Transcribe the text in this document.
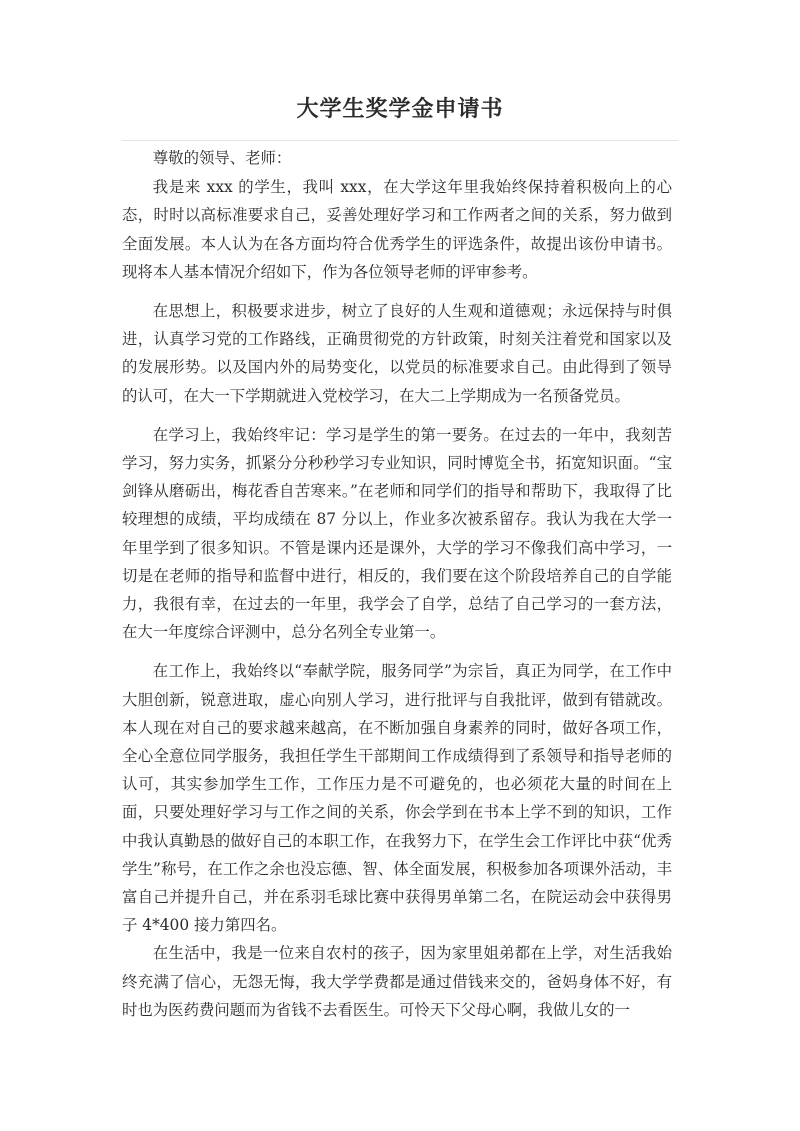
大学生奖学金申请书

尊敬的领导、老师：

我是来 xxx 的学生，我叫 xxx，在大学这年里我始终保持着积极向上的心态，时时以高标准要求自己，妥善处理好学习和工作两者之间的关系，努力做到全面发展。本人认为在各方面均符合优秀学生的评选条件，故提出该份申请书。现将本人基本情况介绍如下，作为各位领导老师的评审参考。

在思想上，积极要求进步，树立了良好的人生观和道德观；永远保持与时俱进，认真学习党的工作路线，正确贯彻党的方针政策，时刻关注着党和国家以及的发展形势。以及国内外的局势变化，以党员的标准要求自己。由此得到了领导的认可，在大一下学期就进入党校学习，在大二上学期成为一名预备党员。

在学习上，我始终牢记：学习是学生的第一要务。在过去的一年中，我刻苦学习，努力实务，抓紧分分秒秒学习专业知识，同时博览全书，拓宽知识面。“宝剑锋从磨砺出，梅花香自苦寒来。”在老师和同学们的指导和帮助下，我取得了比较理想的成绩，平均成绩在 87 分以上，作业多次被系留存。我认为我在大学一年里学到了很多知识。不管是课内还是课外，大学的学习不像我们高中学习，一切是在老师的指导和监督中进行，相反的，我们要在这个阶段培养自己的自学能力，我很有幸，在过去的一年里，我学会了自学，总结了自己学习的一套方法，在大一年度综合评测中，总分名列全专业第一。

在工作上，我始终以“奉献学院，服务同学”为宗旨，真正为同学，在工作中大胆创新，锐意进取，虚心向别人学习，进行批评与自我批评，做到有错就改。本人现在对自己的要求越来越高，在不断加强自身素养的同时，做好各项工作，全心全意位同学服务，我担任学生干部期间工作成绩得到了系领导和指导老师的认可，其实参加学生工作，工作压力是不可避免的，也必须花大量的时间在上面，只要处理好学习与工作之间的关系，你会学到在书本上学不到的知识，工作中我认真勤恳的做好自己的本职工作，在我努力下，在学生会工作评比中获“优秀学生”称号，在工作之余也没忘德、智、体全面发展，积极参加各项课外活动，丰富自己并提升自己，并在系羽毛球比赛中获得男单第二名，在院运动会中获得男子 4*400 接力第四名。

在生活中，我是一位来自农村的孩子，因为家里姐弟都在上学，对生活我始终充满了信心，无怨无悔，我大学学费都是通过借钱来交的，爸妈身体不好，有时也为医药费问题而为省钱不去看医生。可怜天下父母心啊，我做儿女的一
